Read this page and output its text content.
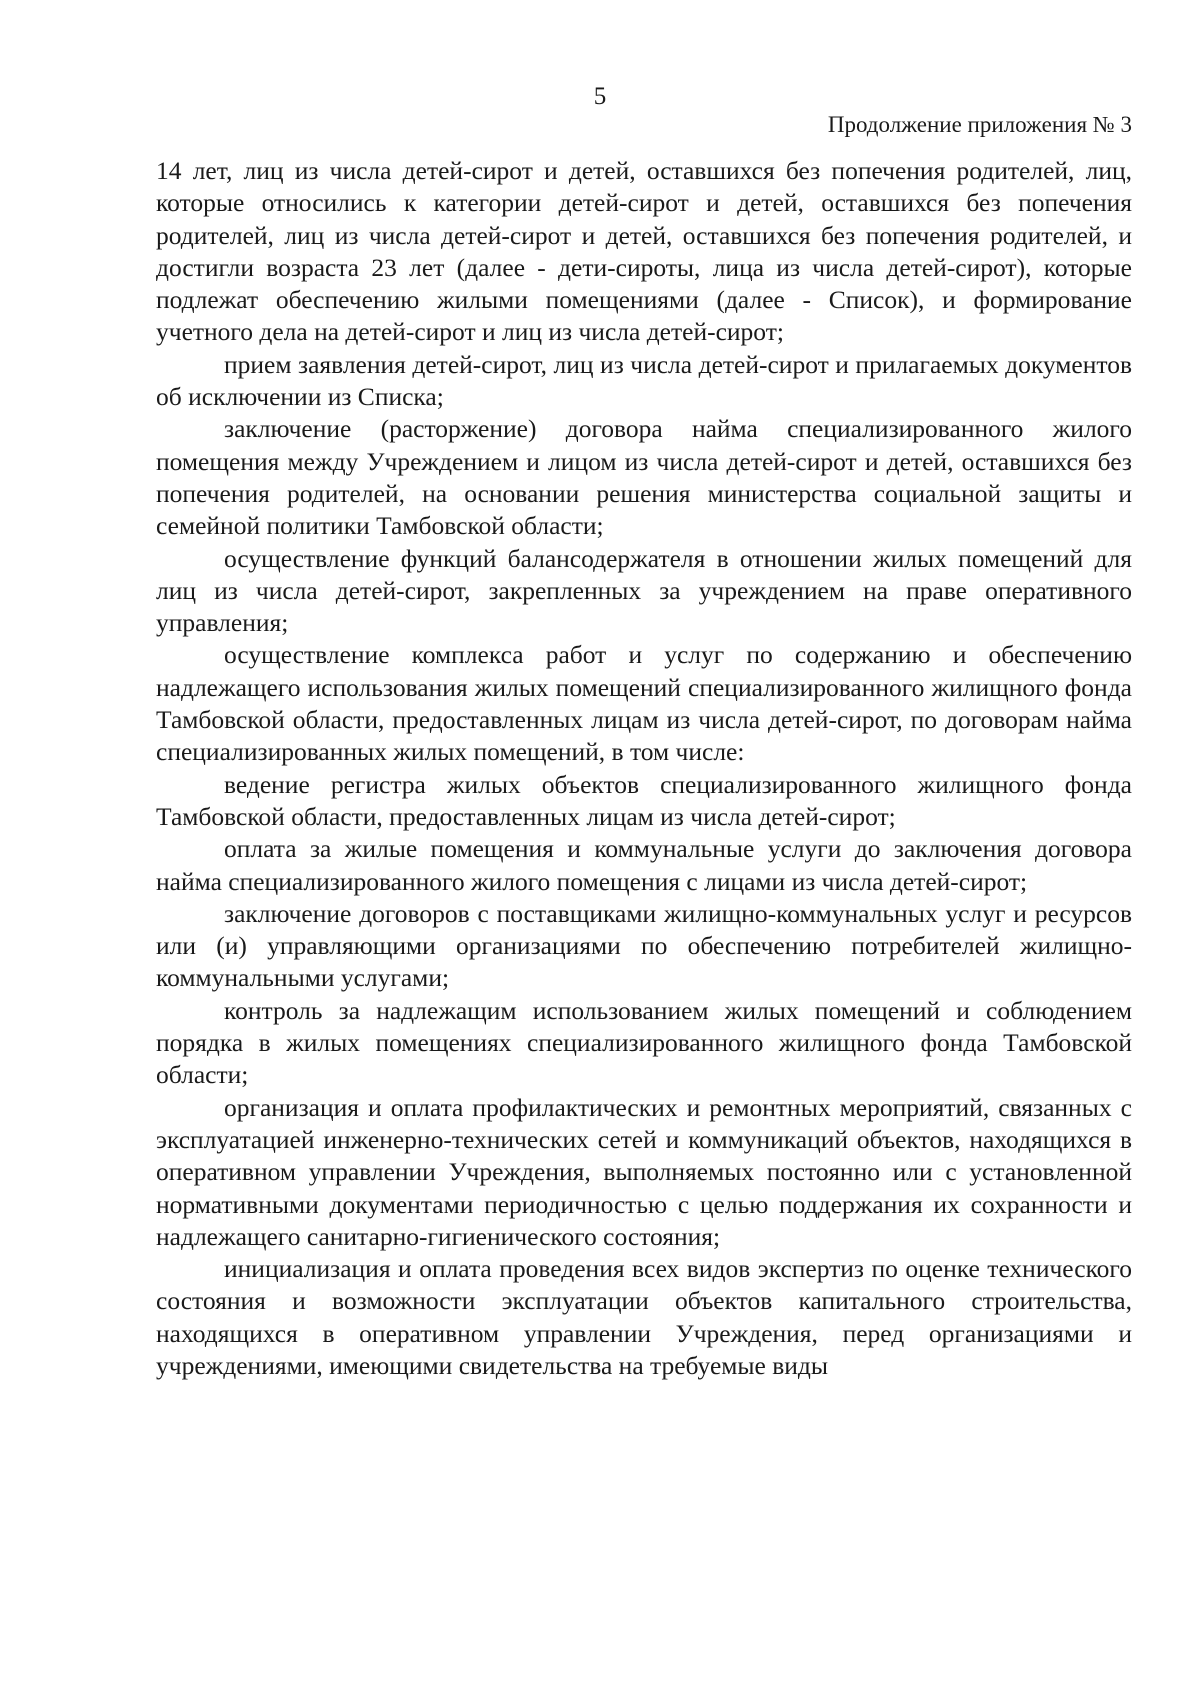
5
Продолжение приложения № 3

14 лет, лиц из числа детей-сирот и детей, оставшихся без попечения родителей, лиц, которые относились к категории детей-сирот и детей, оставшихся без попечения родителей, лиц из числа детей-сирот и детей, оставшихся без попечения родителей, и достигли возраста 23 лет (далее - дети-сироты, лица из числа детей-сирот), которые подлежат обеспечению жилыми помещениями (далее - Список), и формирование учетного дела на детей-сирот и лиц из числа детей-сирот;

прием заявления детей-сирот, лиц из числа детей-сирот и прилагаемых документов об исключении из Списка;

заключение (расторжение) договора найма специализированного жилого помещения между Учреждением и лицом из числа детей-сирот и детей, оставшихся без попечения родителей, на основании решения министерства социальной защиты и семейной политики Тамбовской области;

осуществление функций балансодержателя в отношении жилых помещений для лиц из числа детей-сирот, закрепленных за учреждением на праве оперативного управления;

осуществление комплекса работ и услуг по содержанию и обеспечению надлежащего использования жилых помещений специализированного жилищного фонда Тамбовской области, предоставленных лицам из числа детей-сирот, по договорам найма специализированных жилых помещений, в том числе:

ведение регистра жилых объектов специализированного жилищного фонда Тамбовской области, предоставленных лицам из числа детей-сирот;

оплата за жилые помещения и коммунальные услуги до заключения договора найма специализированного жилого помещения с лицами из числа детей-сирот;

заключение договоров с поставщиками жилищно-коммунальных услуг и ресурсов или (и) управляющими организациями по обеспечению потребителей жилищно-коммунальными услугами;

контроль за надлежащим использованием жилых помещений и соблюдением порядка в жилых помещениях специализированного жилищного фонда Тамбовской области;

организация и оплата профилактических и ремонтных мероприятий, связанных с эксплуатацией инженерно-технических сетей и коммуникаций объектов, находящихся в оперативном управлении Учреждения, выполняемых постоянно или с установленной нормативными документами периодичностью с целью поддержания их сохранности и надлежащего санитарно-гигиенического состояния;

инициализация и оплата проведения всех видов экспертиз по оценке технического состояния и возможности эксплуатации объектов капитального строительства, находящихся в оперативном управлении Учреждения, перед организациями и учреждениями, имеющими свидетельства на требуемые виды
